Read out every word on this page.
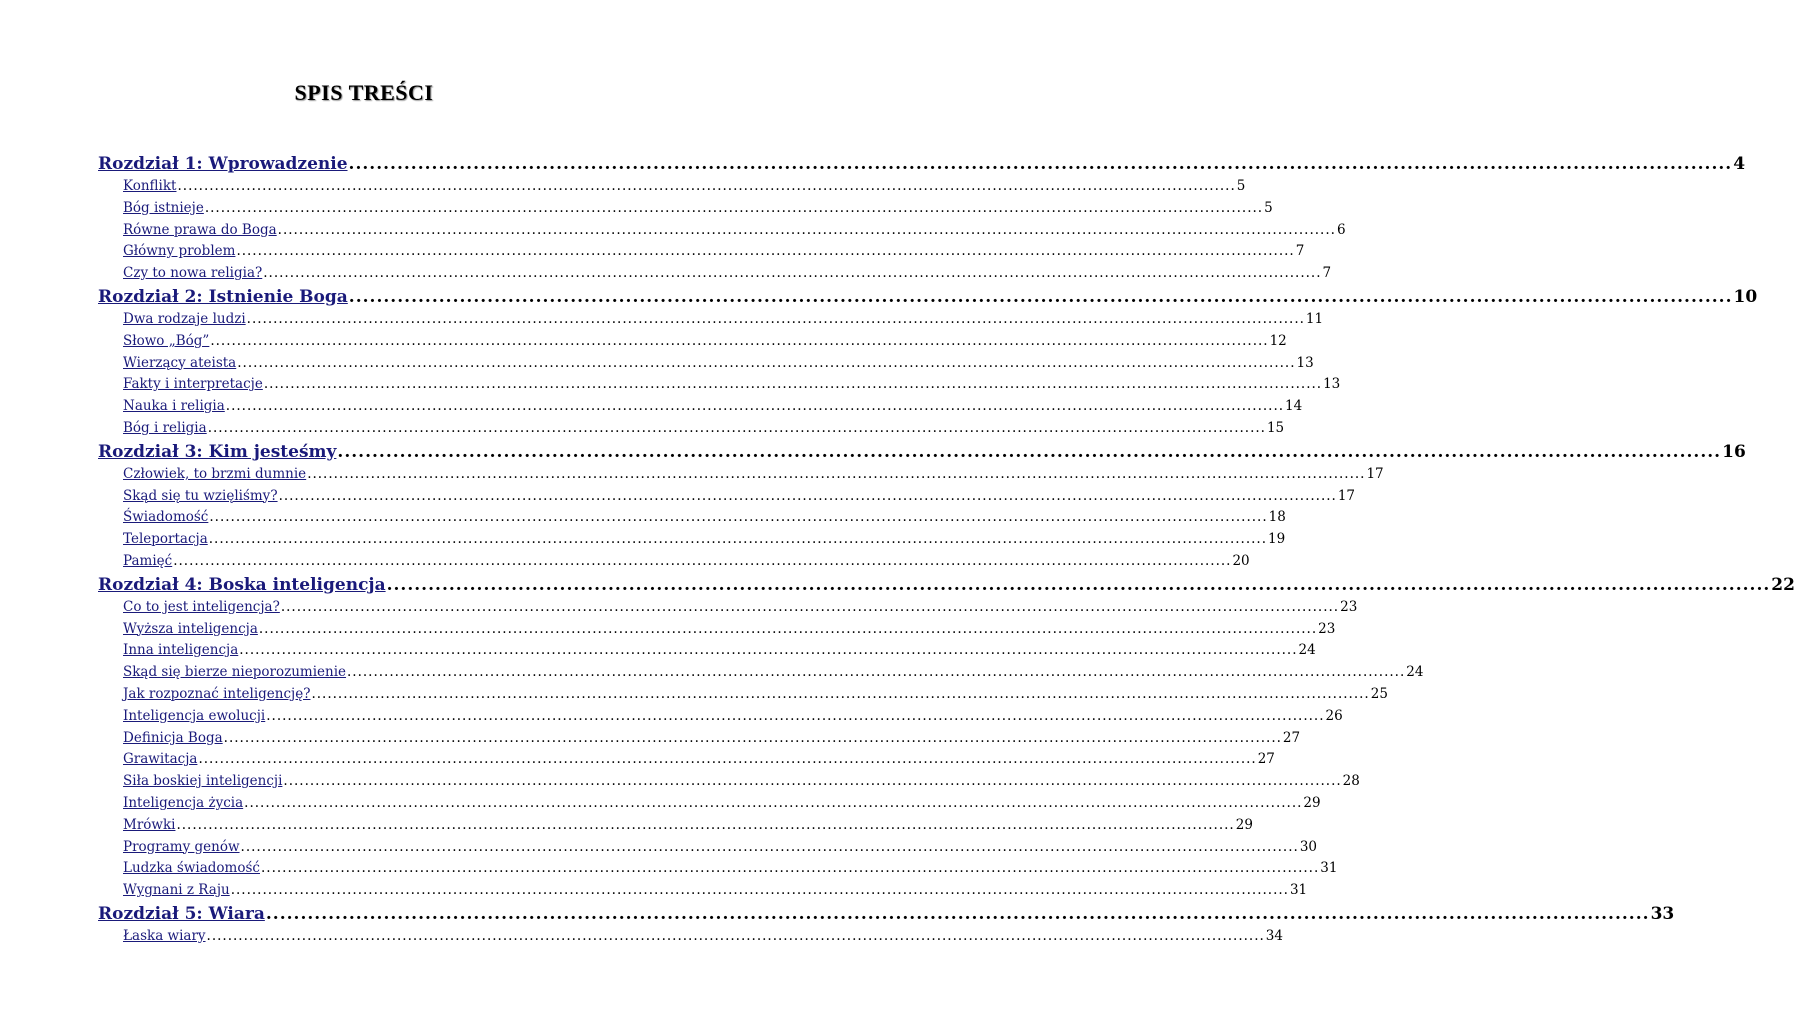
SPIS TREŚCI
Rozdział 1: Wprowadzenie ........................................................................................................................................................................................................ 4
Konflikt ........................................................................................................................................................................................................ 5
Bóg istnieje ........................................................................................................................................................................................................ 5
Równe prawa do Boga ........................................................................................................................................................................................................ 6
Główny problem ........................................................................................................................................................................................................ 7
Czy to nowa religia? ........................................................................................................................................................................................................ 7
Rozdział 2: Istnienie Boga ........................................................................................................................................................................................................ 10
Dwa rodzaje ludzi ........................................................................................................................................................................................................ 11
Słowo „Bóg” ........................................................................................................................................................................................................ 12
Wierzący ateista ........................................................................................................................................................................................................ 13
Fakty i interpretacje ........................................................................................................................................................................................................ 13
Nauka i religia ........................................................................................................................................................................................................ 14
Bóg i religia ........................................................................................................................................................................................................ 15
Rozdział 3: Kim jesteśmy ........................................................................................................................................................................................................ 16
Człowiek, to brzmi dumnie ........................................................................................................................................................................................................ 17
Skąd się tu wzięliśmy? ........................................................................................................................................................................................................ 17
Świadomość ........................................................................................................................................................................................................ 18
Teleportacja ........................................................................................................................................................................................................ 19
Pamięć ........................................................................................................................................................................................................ 20
Rozdział 4: Boska inteligencja ........................................................................................................................................................................................................ 22
Co to jest inteligencja? ........................................................................................................................................................................................................ 23
Wyższa inteligencja ........................................................................................................................................................................................................ 23
Inna inteligencja ........................................................................................................................................................................................................ 24
Skąd się bierze nieporozumienie ........................................................................................................................................................................................................ 24
Jak rozpoznać inteligencję? ........................................................................................................................................................................................................ 25
Inteligencja ewolucji ........................................................................................................................................................................................................ 26
Definicja Boga ........................................................................................................................................................................................................ 27
Grawitacja ........................................................................................................................................................................................................ 27
Siła boskiej inteligencji ........................................................................................................................................................................................................ 28
Inteligencja życia ........................................................................................................................................................................................................ 29
Mrówki ........................................................................................................................................................................................................ 29
Programy genów ........................................................................................................................................................................................................ 30
Ludzka świadomość ........................................................................................................................................................................................................ 31
Wygnani z Raju ........................................................................................................................................................................................................ 31
Rozdział 5: Wiara ........................................................................................................................................................................................................ 33
Łaska wiary ........................................................................................................................................................................................................ 34
